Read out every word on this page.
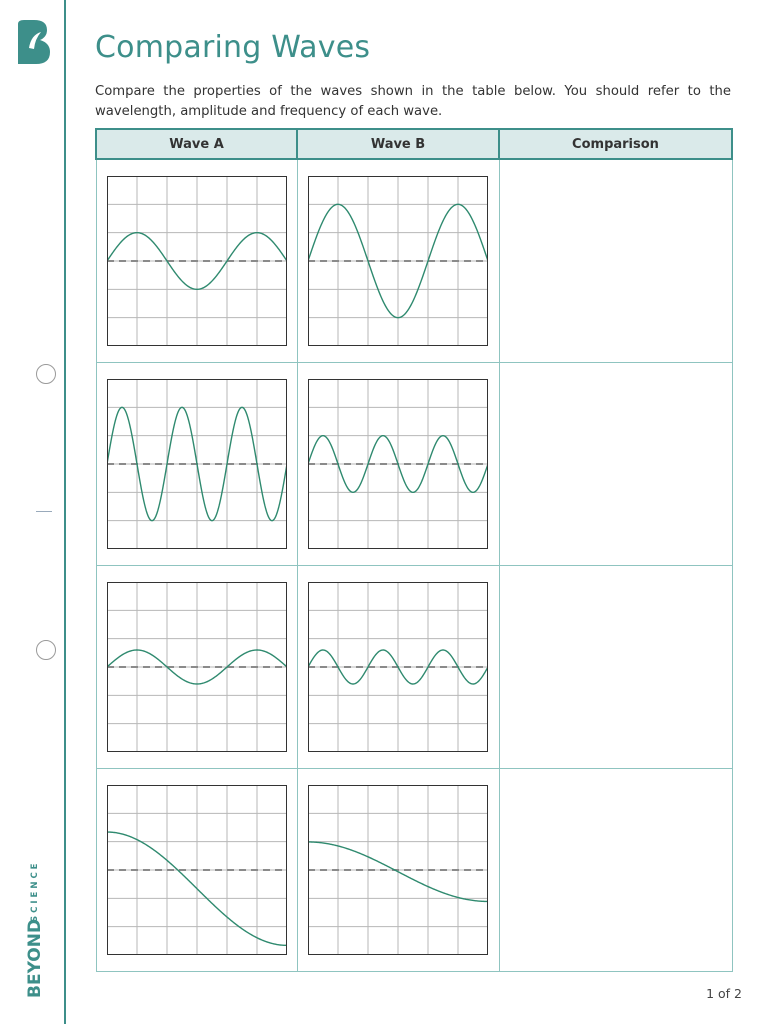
BEYOND
SCIENCE
Comparing Waves

Compare the properties of the waves shown in the table below. You should refer to the wavelength, amplitude and frequency of each wave.

Wave A	Wave B	Comparison

1 of 2
